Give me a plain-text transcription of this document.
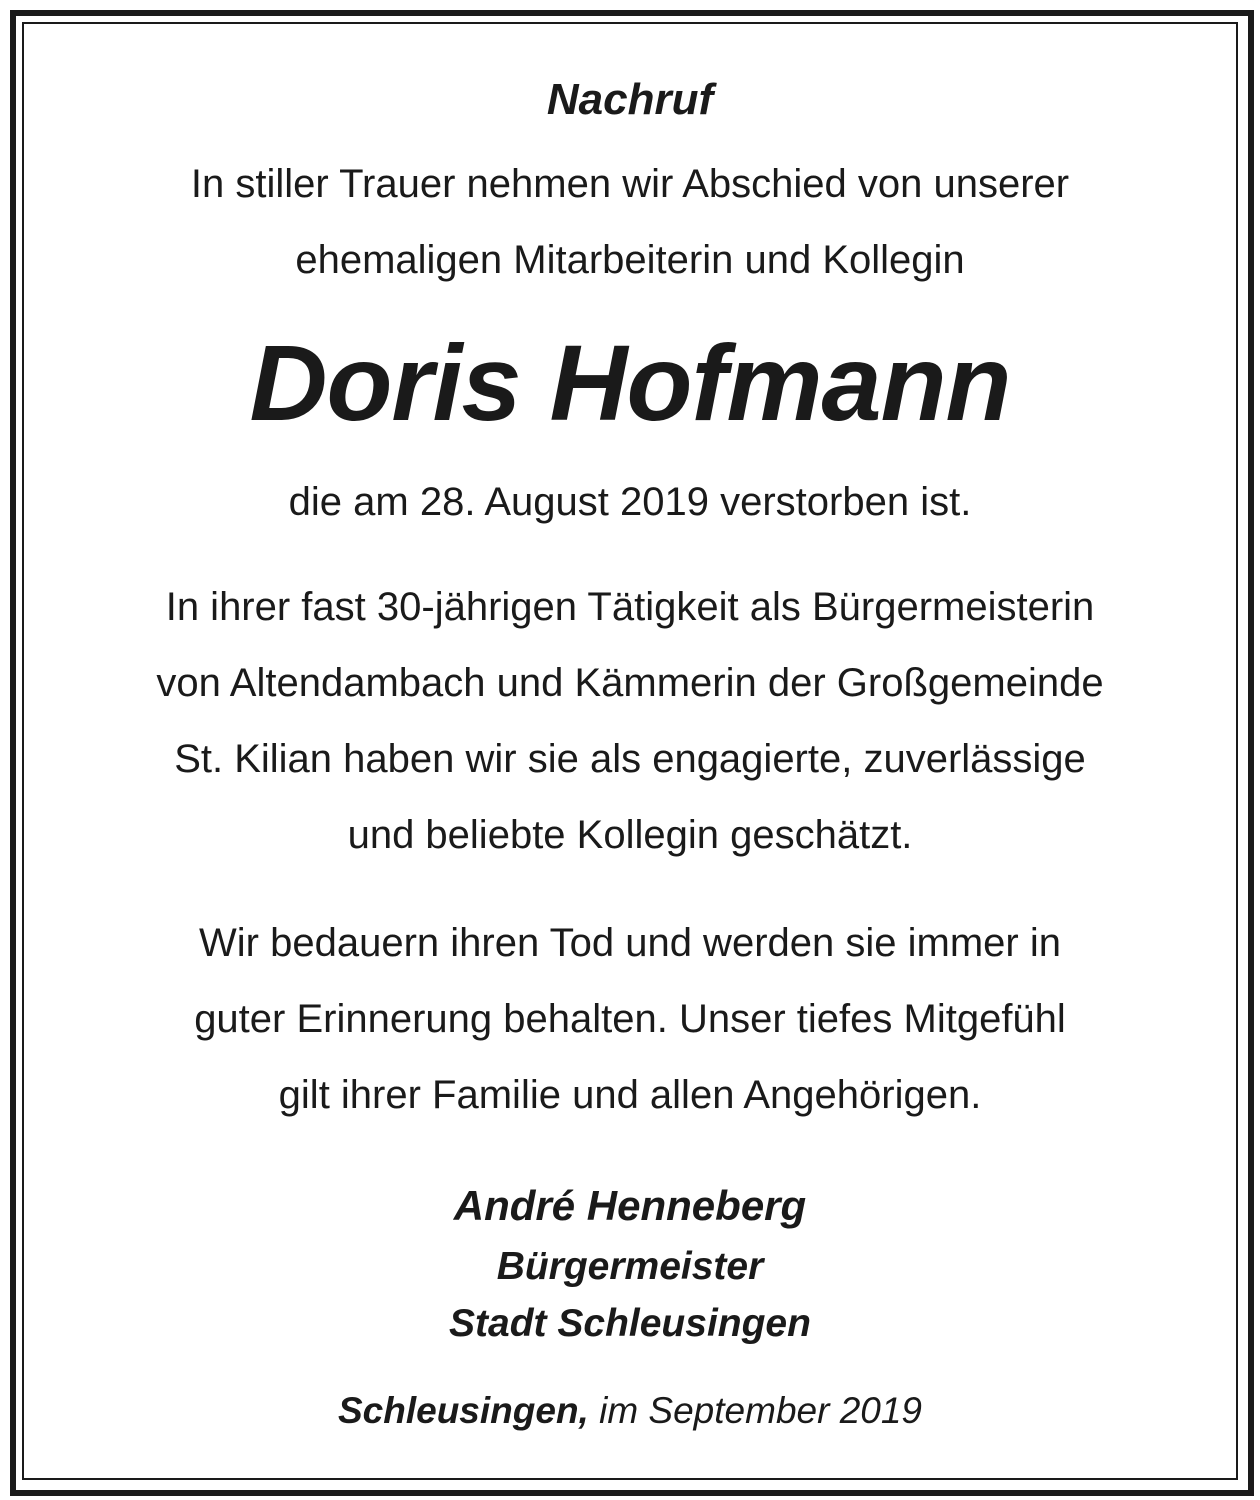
Nachruf
In stiller Trauer nehmen wir Abschied von unserer
ehemaligen Mitarbeiterin und Kollegin
Doris Hofmann
die am 28. August 2019 verstorben ist.
In ihrer fast 30-jährigen Tätigkeit als Bürgermeisterin
von Altendambach und Kämmerin der Großgemeinde
St. Kilian haben wir sie als engagierte, zuverlässige
und beliebte Kollegin geschätzt.
Wir bedauern ihren Tod und werden sie immer in
guter Erinnerung behalten. Unser tiefes Mitgefühl
gilt ihrer Familie und allen Angehörigen.
André Henneberg
Bürgermeister
Stadt Schleusingen
Schleusingen, im September 2019
